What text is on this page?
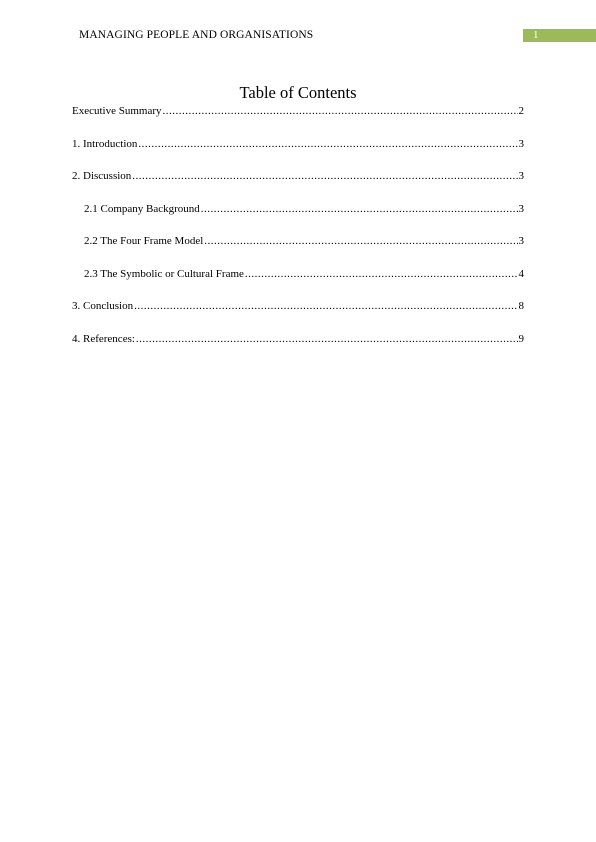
MANAGING PEOPLE AND ORGANISATIONS	1
Table of Contents
Executive Summary .....	2
1. Introduction .....	3
2. Discussion .....	3
2.1 Company Background .....	3
2.2 The Four Frame Model .....	3
2.3 The Symbolic or Cultural Frame .....	4
3. Conclusion .....	8
4. References: .....	9
